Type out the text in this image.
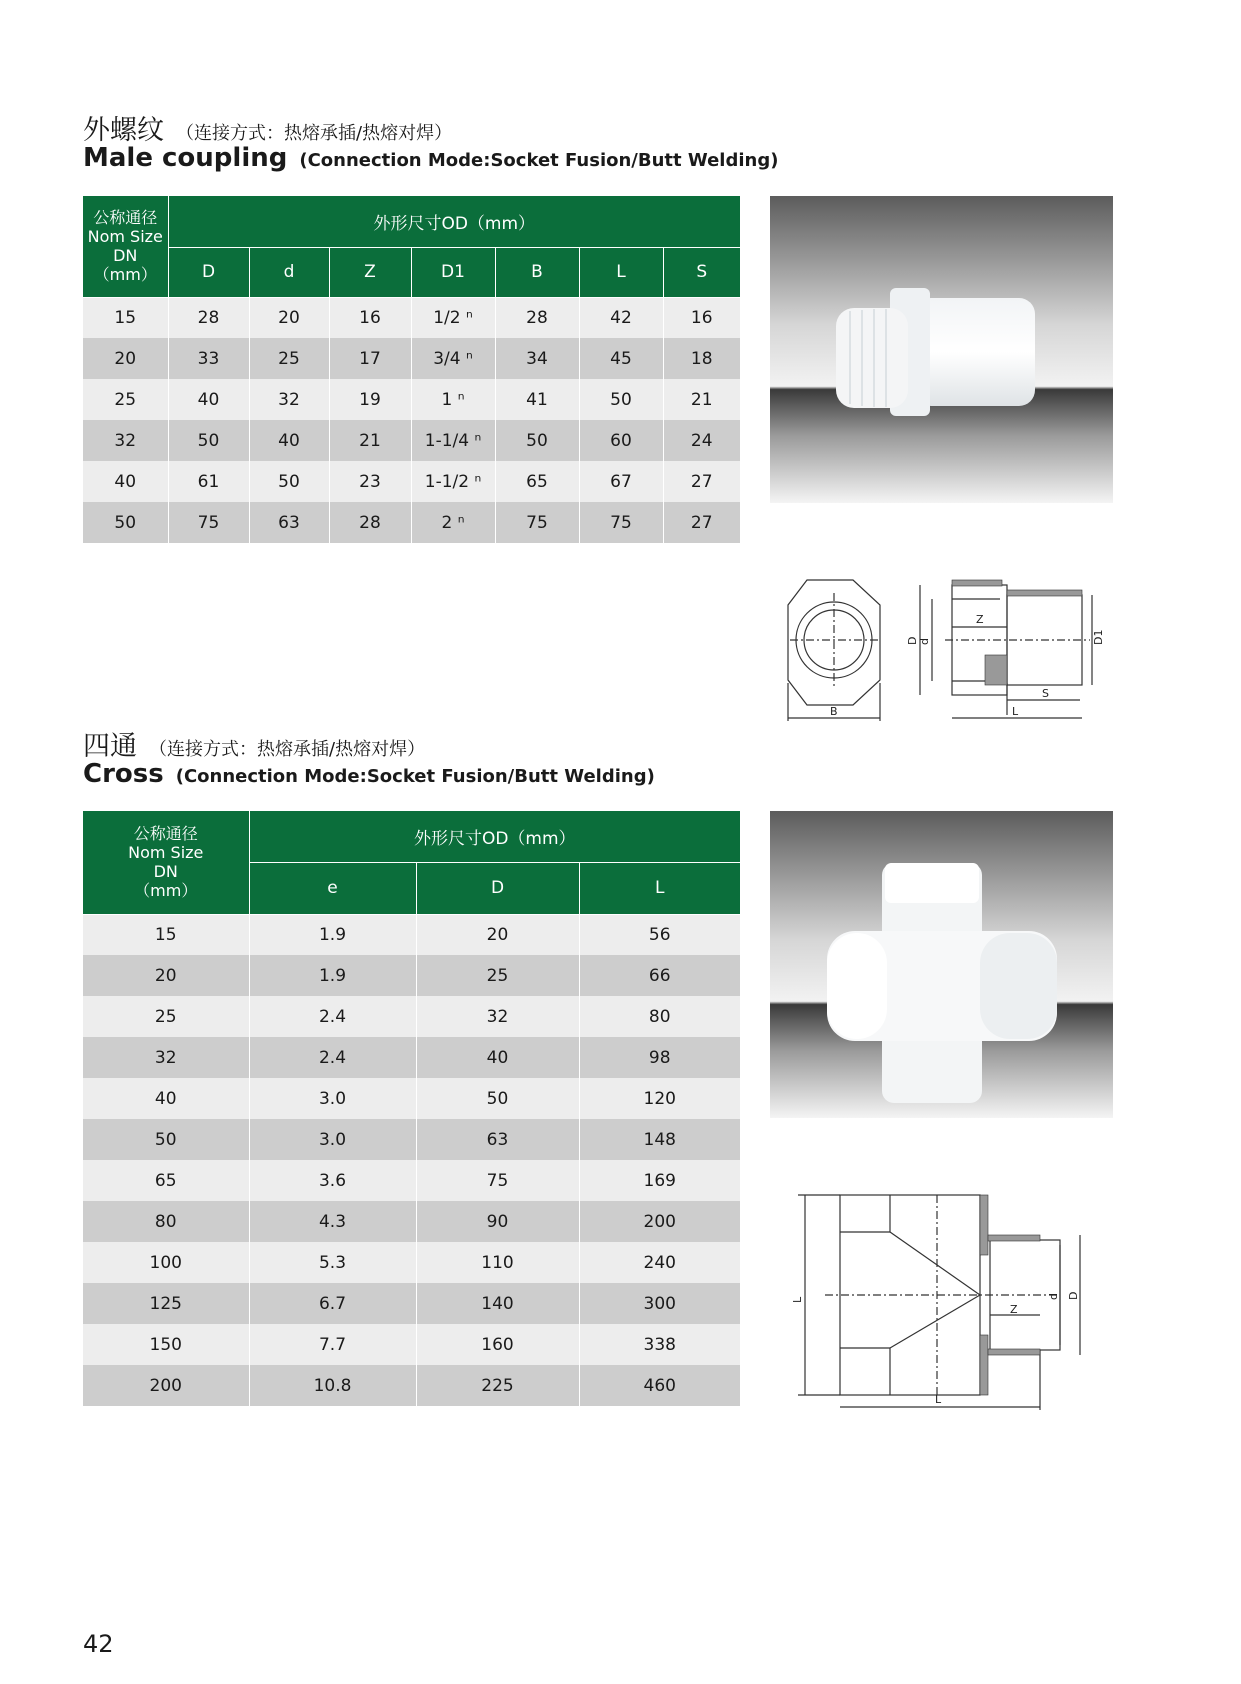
外螺纹 （连接方式：热熔承插/热熔对焊）
Male coupling (Connection Mode:Socket Fusion/Butt Welding)
公称通径
Nom Size
DN
（mm）	外形尺寸OD（mm）						
	D	d	Z	D1	B	L	S
15	28	20	16	1/2 ⁿ	28	42	16
20	33	25	17	3/4 ⁿ	34	45	18
25	40	32	19	1 ⁿ	41	50	21
32	50	40	21	1-1/4 ⁿ	50	60	24
40	61	50	23	1-1/2 ⁿ	65	67	27
50	75	63	28	2 ⁿ	75	75	27
B
D d
Z
D1
S
L
四通 （连接方式：热熔承插/热熔对焊）
Cross (Connection Mode:Socket Fusion/Butt Welding)
公称通径
Nom Size
DN
（mm）	外形尺寸OD（mm）		
	e	D	L
15	1.9	20	56
20	1.9	25	66
25	2.4	32	80
32	2.4	40	98
40	3.0	50	120
50	3.0	63	148
65	3.6	75	169
80	4.3	90	200
100	5.3	110	240
125	6.7	140	300
150	7.7	160	338
200	10.8	225	460
L
Z
d D
L
42
